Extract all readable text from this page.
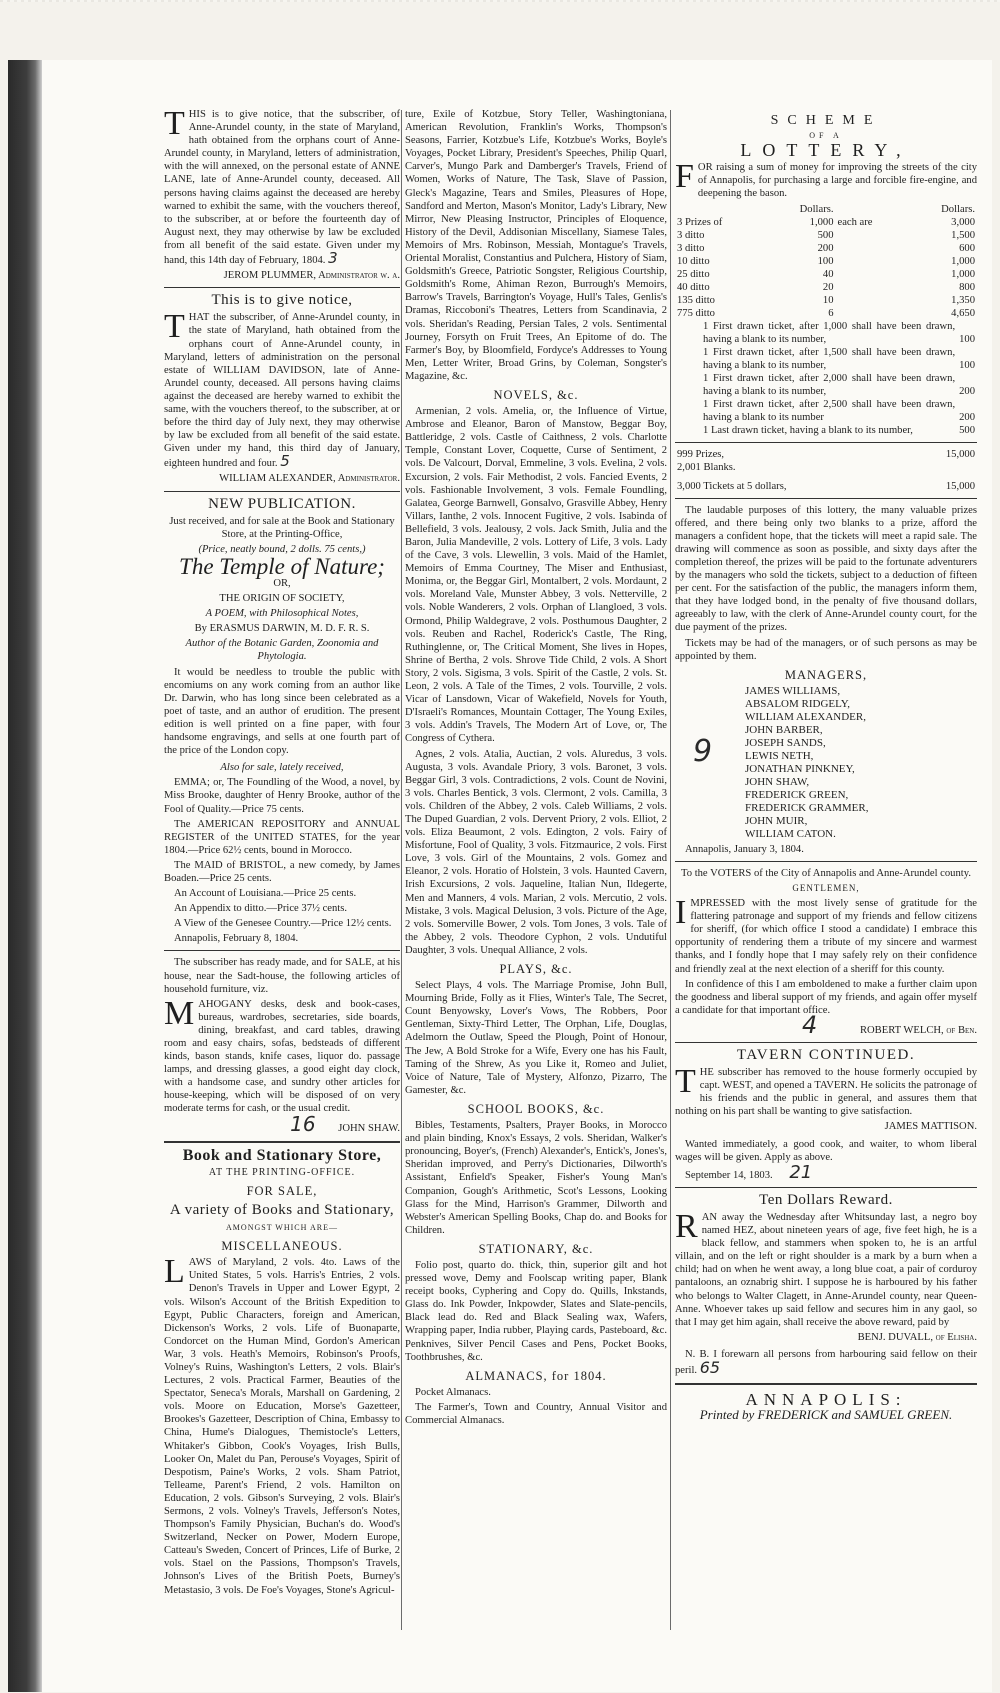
T HIS is to give notice, that the subscriber, of Anne-Arundel county, in the state of Maryland, hath obtained from the orphans court of Anne-Arundel county, in Maryland, letters of administration, with the will annexed, on the personal estate of ANNE LANE, late of Anne-Arundel county, deceased. All persons having claims against the deceased are hereby warned to exhibit the same, with the vouchers thereof, to the subscriber, at or before the fourteenth day of August next, they may otherwise by law be excluded from all benefit of the said estate. Given under my hand, this 14th day of February, 1804. 3

JEROM PLUMMER, Administrator w. a.
This is to give notice,

T HAT the subscriber, of Anne-Arundel county, in the state of Maryland, hath obtained from the orphans court of Anne-Arundel county, in Maryland, letters of administration on the personal estate of WILLIAM DAVIDSON, late of Anne-Arundel county, deceased. All persons having claims against the deceased are hereby warned to exhibit the same, with the vouchers thereof, to the subscriber, at or before the third day of July next, they may otherwise by law be excluded from all benefit of the said estate. Given under my hand, this third day of January, eighteen hundred and four. 5

WILLIAM ALEXANDER, Administrator.
NEW PUBLICATION.

Just received, and for sale at the Book and Stationary Store, at the Printing-Office,

(Price, neatly bound, 2 dolls. 75 cents,)

The Temple of Nature;

OR,

THE ORIGIN OF SOCIETY,

A POEM, with Philosophical Notes,

By ERASMUS DARWIN, M. D. F. R. S.

Author of the Botanic Garden, Zoonomia and Phytologia.

It would be needless to trouble the public with encomiums on any work coming from an author like Dr. Darwin, who has long since been celebrated as a poet of taste, and an author of erudition. The present edition is well printed on a fine paper, with four handsome engravings, and sells at one fourth part of the price of the London copy.

Also for sale, lately received,

EMMA; or, The Foundling of the Wood, a novel, by Miss Brooke, daughter of Henry Brooke, author of the Fool of Quality.—Price 75 cents.

The AMERICAN REPOSITORY and ANNUAL REGISTER of the UNITED STATES, for the year 1804.—Price 62½ cents, bound in Morocco.

The MAID of BRISTOL, a new comedy, by James Boaden.—Price 25 cents.

An Account of Louisiana.—Price 25 cents.

An Appendix to ditto.—Price 37½ cents.

A View of the Genesee Country.—Price 12½ cents.

Annapolis, February 8, 1804.

The subscriber has ready made, and for SALE, at his house, near the Sadt-house, the following articles of household furniture, viz.

M AHOGANY desks, desk and book-cases, bureaus, wardrobes, secretaries, side boards, dining, breakfast, and card tables, drawing room and easy chairs, sofas, bedsteads of different kinds, bason stands, knife cases, liquor do. passage lamps, and dressing glasses, a good eight day clock, with a handsome case, and sundry other articles for house-keeping, which will be disposed of on very moderate terms for cash, or the usual credit.

16 JOHN SHAW.
Book and Stationary Store,
AT THE PRINTING-OFFICE.
FOR SALE,
A variety of Books and Stationary,
AMONGST WHICH ARE—
MISCELLANEOUS.

L AWS of Maryland, 2 vols. 4to. Laws of the United States, 5 vols. Harris's Entries, 2 vols. Denon's Travels in Upper and Lower Egypt, 2 vols. Wilson's Account of the British Expedition to Egypt, Public Characters, foreign and American, Dickenson's Works, 2 vols. Life of Buonaparte, Condorcet on the Human Mind, Gordon's American War, 3 vols. Heath's Memoirs, Robinson's Proofs, Volney's Ruins, Washington's Letters, 2 vols. Blair's Lectures, 2 vols. Practical Farmer, Beauties of the Spectator, Seneca's Morals, Marshall on Gardening, 2 vols. Moore on Education, Morse's Gazetteer, Brookes's Gazetteer, Description of China, Embassy to China, Hume's Dialogues, Themistocle's Letters, Whitaker's Gibbon, Cook's Voyages, Irish Bulls, Looker On, Malet du Pan, Perouse's Voyages, Spirit of Despotism, Paine's Works, 2 vols. Sham Patriot, Telleame, Parent's Friend, 2 vols. Hamilton on Education, 2 vols. Gibson's Surveying, 2 vols. Blair's Sermons, 2 vols. Volney's Travels, Jefferson's Notes, Thompson's Family Physician, Buchan's do. Wood's Switzerland, Necker on Power, Modern Europe, Catteau's Sweden, Concert of Princes, Life of Burke, 2 vols. Stael on the Passions, Thompson's Travels, Johnson's Lives of the British Poets, Burney's Metastasio, 3 vols. De Foe's Voyages, Stone's Agricul-

ture, Exile of Kotzbue, Story Teller, Washingtoniana, American Revolution, Franklin's Works, Thompson's Seasons, Farrier, Kotzbue's Life, Kotzbue's Works, Boyle's Voyages, Pocket Library, President's Speeches, Philip Quarl, Carver's, Mungo Park and Damberger's Travels, Friend of Women, Works of Nature, The Task, Slave of Passion, Gleck's Magazine, Tears and Smiles, Pleasures of Hope, Sandford and Merton, Mason's Monitor, Lady's Library, New Mirror, New Pleasing Instructor, Principles of Eloquence, History of the Devil, Addisonian Miscellany, Siamese Tales, Memoirs of Mrs. Robinson, Messiah, Montague's Travels, Oriental Moralist, Constantius and Pulchera, History of Siam, Goldsmith's Greece, Patriotic Songster, Religious Courtship, Goldsmith's Rome, Ahiman Rezon, Burrough's Memoirs, Barrow's Travels, Barrington's Voyage, Hull's Tales, Genlis's Dramas, Riccoboni's Theatres, Letters from Scandinavia, 2 vols. Sheridan's Reading, Persian Tales, 2 vols. Sentimental Journey, Forsyth on Fruit Trees, An Epitome of do. The Farmer's Boy, by Bloomfield, Fordyce's Addresses to Young Men, Letter Writer, Broad Grins, by Coleman, Songster's Magazine, &c.

NOVELS, &c.

Armenian, 2 vols. Amelia, or, the Influence of Virtue, Ambrose and Eleanor, Baron of Manstow, Beggar Boy, Battleridge, 2 vols. Castle of Caithness, 2 vols. Charlotte Temple, Constant Lover, Coquette, Curse of Sentiment, 2 vols. De Valcourt, Dorval, Emmeline, 3 vols. Evelina, 2 vols. Excursion, 2 vols. Fair Methodist, 2 vols. Fancied Events, 2 vols. Fashionable Involvement, 3 vols. Female Foundling, Galatea, George Barnwell, Gonsalvo, Grasville Abbey, Henry Villars, Ianthe, 2 vols. Innocent Fugitive, 2 vols. Isabinda of Bellefield, 3 vols. Jealousy, 2 vols. Jack Smith, Julia and the Baron, Julia Mandeville, 2 vols. Lottery of Life, 3 vols. Lady of the Cave, 3 vols. Llewellin, 3 vols. Maid of the Hamlet, Memoirs of Emma Courtney, The Miser and Enthusiast, Monima, or, the Beggar Girl, Montalbert, 2 vols. Mordaunt, 2 vols. Moreland Vale, Munster Abbey, 3 vols. Netterville, 2 vols. Noble Wanderers, 2 vols. Orphan of Llangloed, 3 vols. Ormond, Philip Waldegrave, 2 vols. Posthumous Daughter, 2 vols. Reuben and Rachel, Roderick's Castle, The Ring, Ruthinglenne, or, The Critical Moment, She lives in Hopes, Shrine of Bertha, 2 vols. Shrove Tide Child, 2 vols. A Short Story, 2 vols. Sigisma, 3 vols. Spirit of the Castle, 2 vols. St. Leon, 2 vols. A Tale of the Times, 2 vols. Tourville, 2 vols. Vicar of Lansdown, Vicar of Wakefield, Novels for Youth, D'Israeli's Romances, Mountain Cottager, The Young Exiles, 3 vols. Addin's Travels, The Modern Art of Love, or, The Congress of Cythera.

Agnes, 2 vols. Atalia, Auctian, 2 vols. Aluredus, 3 vols. Augusta, 3 vols. Avandale Priory, 3 vols. Baronet, 3 vols. Beggar Girl, 3 vols. Contradictions, 2 vols. Count de Novini, 3 vols. Charles Bentick, 3 vols. Clermont, 2 vols. Camilla, 3 vols. Children of the Abbey, 2 vols. Caleb Williams, 2 vols. The Duped Guardian, 2 vols. Dervent Priory, 2 vols. Elliot, 2 vols. Eliza Beaumont, 2 vols. Edington, 2 vols. Fairy of Misfortune, Fool of Quality, 3 vols. Fitzmaurice, 2 vols. First Love, 3 vols. Girl of the Mountains, 2 vols. Gomez and Eleanor, 2 vols. Horatio of Holstein, 3 vols. Haunted Cavern, Irish Excursions, 2 vols. Jaqueline, Italian Nun, Ildegerte, Men and Manners, 4 vols. Marian, 2 vols. Mercutio, 2 vols. Mistake, 3 vols. Magical Delusion, 3 vols. Picture of the Age, 2 vols. Somerville Bower, 2 vols. Tom Jones, 3 vols. Tale of the Abbey, 2 vols. Theodore Cyphon, 2 vols. Undutiful Daughter, 3 vols. Unequal Alliance, 2 vols.

PLAYS, &c.

Select Plays, 4 vols. The Marriage Promise, John Bull, Mourning Bride, Folly as it Flies, Winter's Tale, The Secret, Count Benyowsky, Lover's Vows, The Robbers, Poor Gentleman, Sixty-Third Letter, The Orphan, Life, Douglas, Adelmorn the Outlaw, Speed the Plough, Point of Honour, The Jew, A Bold Stroke for a Wife, Every one has his Fault, Taming of the Shrew, As you Like it, Romeo and Juliet, Voice of Nature, Tale of Mystery, Alfonzo, Pizarro, The Gamester, &c.

SCHOOL BOOKS, &c.

Bibles, Testaments, Psalters, Prayer Books, in Morocco and plain binding, Knox's Essays, 2 vols. Sheridan, Walker's pronouncing, Boyer's, (French) Alexander's, Entick's, Jones's, Sheridan improved, and Perry's Dictionaries, Dilworth's Assistant, Enfield's Speaker, Fisher's Young Man's Companion, Gough's Arithmetic, Scot's Lessons, Looking Glass for the Mind, Harrison's Grammer, Dilworth and Webster's American Spelling Books, Chap do. and Books for Children.

STATIONARY, &c.

Folio post, quarto do. thick, thin, superior gilt and hot pressed wove, Demy and Foolscap writing paper, Blank receipt books, Cyphering and Copy do. Quills, Inkstands, Glass do. Ink Powder, Inkpowder, Slates and Slate-pencils, Black lead do. Red and Black Sealing wax, Wafers, Wrapping paper, India rubber, Playing cards, Pasteboard, &c. Penknives, Silver Pencil Cases and Pens, Pocket Books, Toothbrushes, &c.

ALMANACS, for 1804.

Pocket Almanacs.

The Farmer's, Town and Country, Annual Visitor and Commercial Almanacs.

SCHEME
OF A
LOTTERY,

F OR raising a sum of money for improving the streets of the city of Annapolis, for purchasing a large and forcible fire-engine, and deepening the bason.

	Dollars.		Dollars.
3 Prizes of	1,000	each are	3,000
3 ditto	500		1,500
3 ditto	200		600
10 ditto	100		1,000
25 ditto	40		1,000
40 ditto	20		800
135 ditto	10		1,350
775 ditto	6		4,650
1 First drawn ticket, after 1,000 shall have been drawn, having a blank to its number,	100
1 First drawn ticket, after 1,500 shall have been drawn, having a blank to its number,	100
1 First drawn ticket, after 2,000 shall have been drawn, having a blank to its number,	200
1 First drawn ticket, after 2,500 shall have been drawn, having a blank to its number	200
1 Last drawn ticket, having a blank to its number,	500
999 Prizes,	15,000
2,001 Blanks.	
3,000 Tickets at 5 dollars,	15,000

The laudable purposes of this lottery, the many valuable prizes offered, and there being only two blanks to a prize, afford the managers a confident hope, that the tickets will meet a rapid sale. The drawing will commence as soon as possible, and sixty days after the completion thereof, the prizes will be paid to the fortunate adventurers by the managers who sold the tickets, subject to a deduction of fifteen per cent. For the satisfaction of the public, the managers inform them, that they have lodged bond, in the penalty of five thousand dollars, agreeably to law, with the clerk of Anne-Arundel county court, for the due payment of the prizes.

Tickets may be had of the managers, or of such persons as may be appointed by them.

MANAGERS,
9
JAMES WILLIAMS,
ABSALOM RIDGELY,
WILLIAM ALEXANDER,
JOHN BARBER,
JOSEPH SANDS,
LEWIS NETH,
JONATHAN PINKNEY,
JOHN SHAW,
FREDERICK GREEN,
FREDERICK GRAMMER,
JOHN MUIR,
WILLIAM CATON.

Annapolis, January 3, 1804.

To the VOTERS of the City of Annapolis and Anne-Arundel county.

GENTLEMEN,

I MPRESSED with the most lively sense of gratitude for the flattering patronage and support of my friends and fellow citizens for sheriff, (for which office I stood a candidate) I embrace this opportunity of rendering them a tribute of my sincere and warmest thanks, and I fondly hope that I may safely rely on their confidence and friendly zeal at the next election of a sheriff for this county.

In confidence of this I am emboldened to make a further claim upon the goodness and liberal support of my friends, and again offer myself a candidate for that important office.

4	ROBERT WELCH, of Ben.
TAVERN CONTINUED.

T HE subscriber has removed to the house formerly occupied by capt. WEST, and opened a TAVERN. He solicits the patronage of his friends and the public in general, and assures them that nothing on his part shall be wanting to give satisfaction.

JAMES MATTISON.

Wanted immediately, a good cook, and waiter, to whom liberal wages will be given. Apply as above.

September 14, 1803. 21

Ten Dollars Reward.

R AN away the Wednesday after Whitsunday last, a negro boy named HEZ, about nineteen years of age, five feet high, he is a black fellow, and stammers when spoken to, he is an artful villain, and on the left or right shoulder is a mark by a burn when a child; had on when he went away, a long blue coat, a pair of corduroy pantaloons, an oznabrig shirt. I suppose he is harboured by his father who belongs to Walter Clagett, in Anne-Arundel county, near Queen-Anne. Whoever takes up said fellow and secures him in any gaol, so that I may get him again, shall receive the above reward, paid by

BENJ. DUVALL, of Elisha.

N. B. I forewarn all persons from harbouring said fellow on their peril. 65

ANNAPOLIS:
Printed by FREDERICK and SAMUEL GREEN.
